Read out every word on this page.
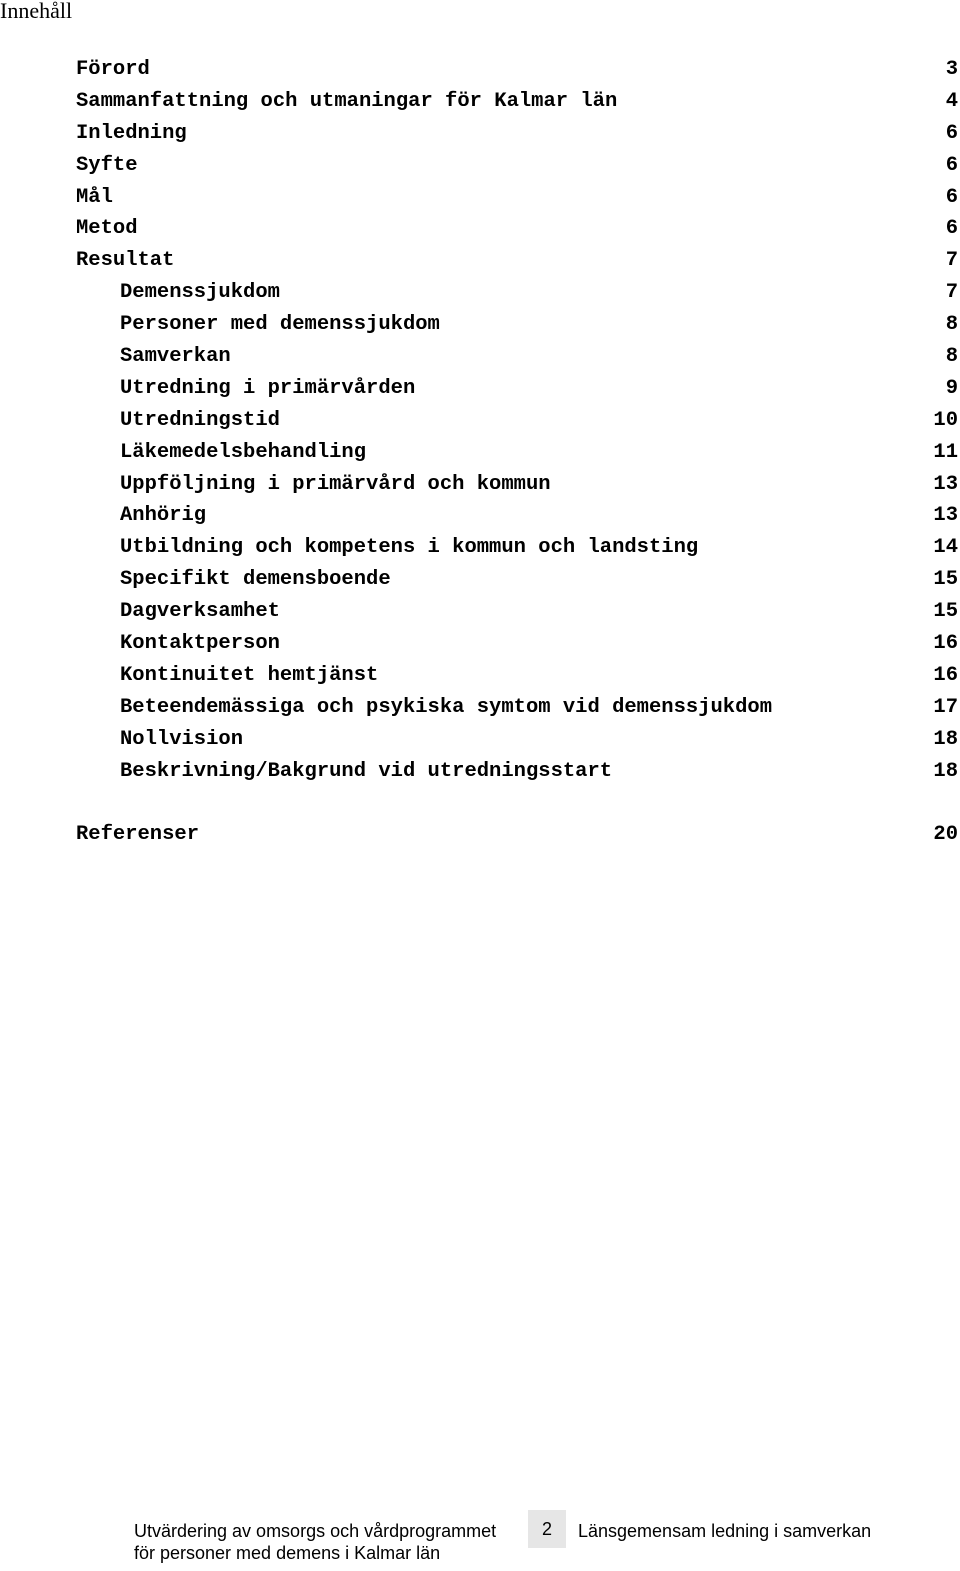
Innehåll
Förord	3
Sammanfattning och utmaningar för Kalmar län	4
Inledning	6
Syfte	6
Mål	6
Metod	6
Resultat	7
Demenssjukdom	7
Personer med demenssjukdom	8
Samverkan	8
Utredning i primärvården	9
Utredningstid	10
Läkemedelsbehandling	11
Uppföljning i primärvård och kommun	13
Anhörig	13
Utbildning och kompetens i kommun och landsting	14
Specifikt demensboende	15
Dagverksamhet	15
Kontaktperson	16
Kontinuitet hemtjänst	16
Beteendemässiga och psykiska symtom vid demenssjukdom	17
Nollvision	18
Beskrivning/Bakgrund vid utredningsstart	18
Referenser	20
Utvärdering av omsorgs och vårdprogrammet
för personer med demens i Kalmar län
2	Länsgemensam ledning i samverkan
